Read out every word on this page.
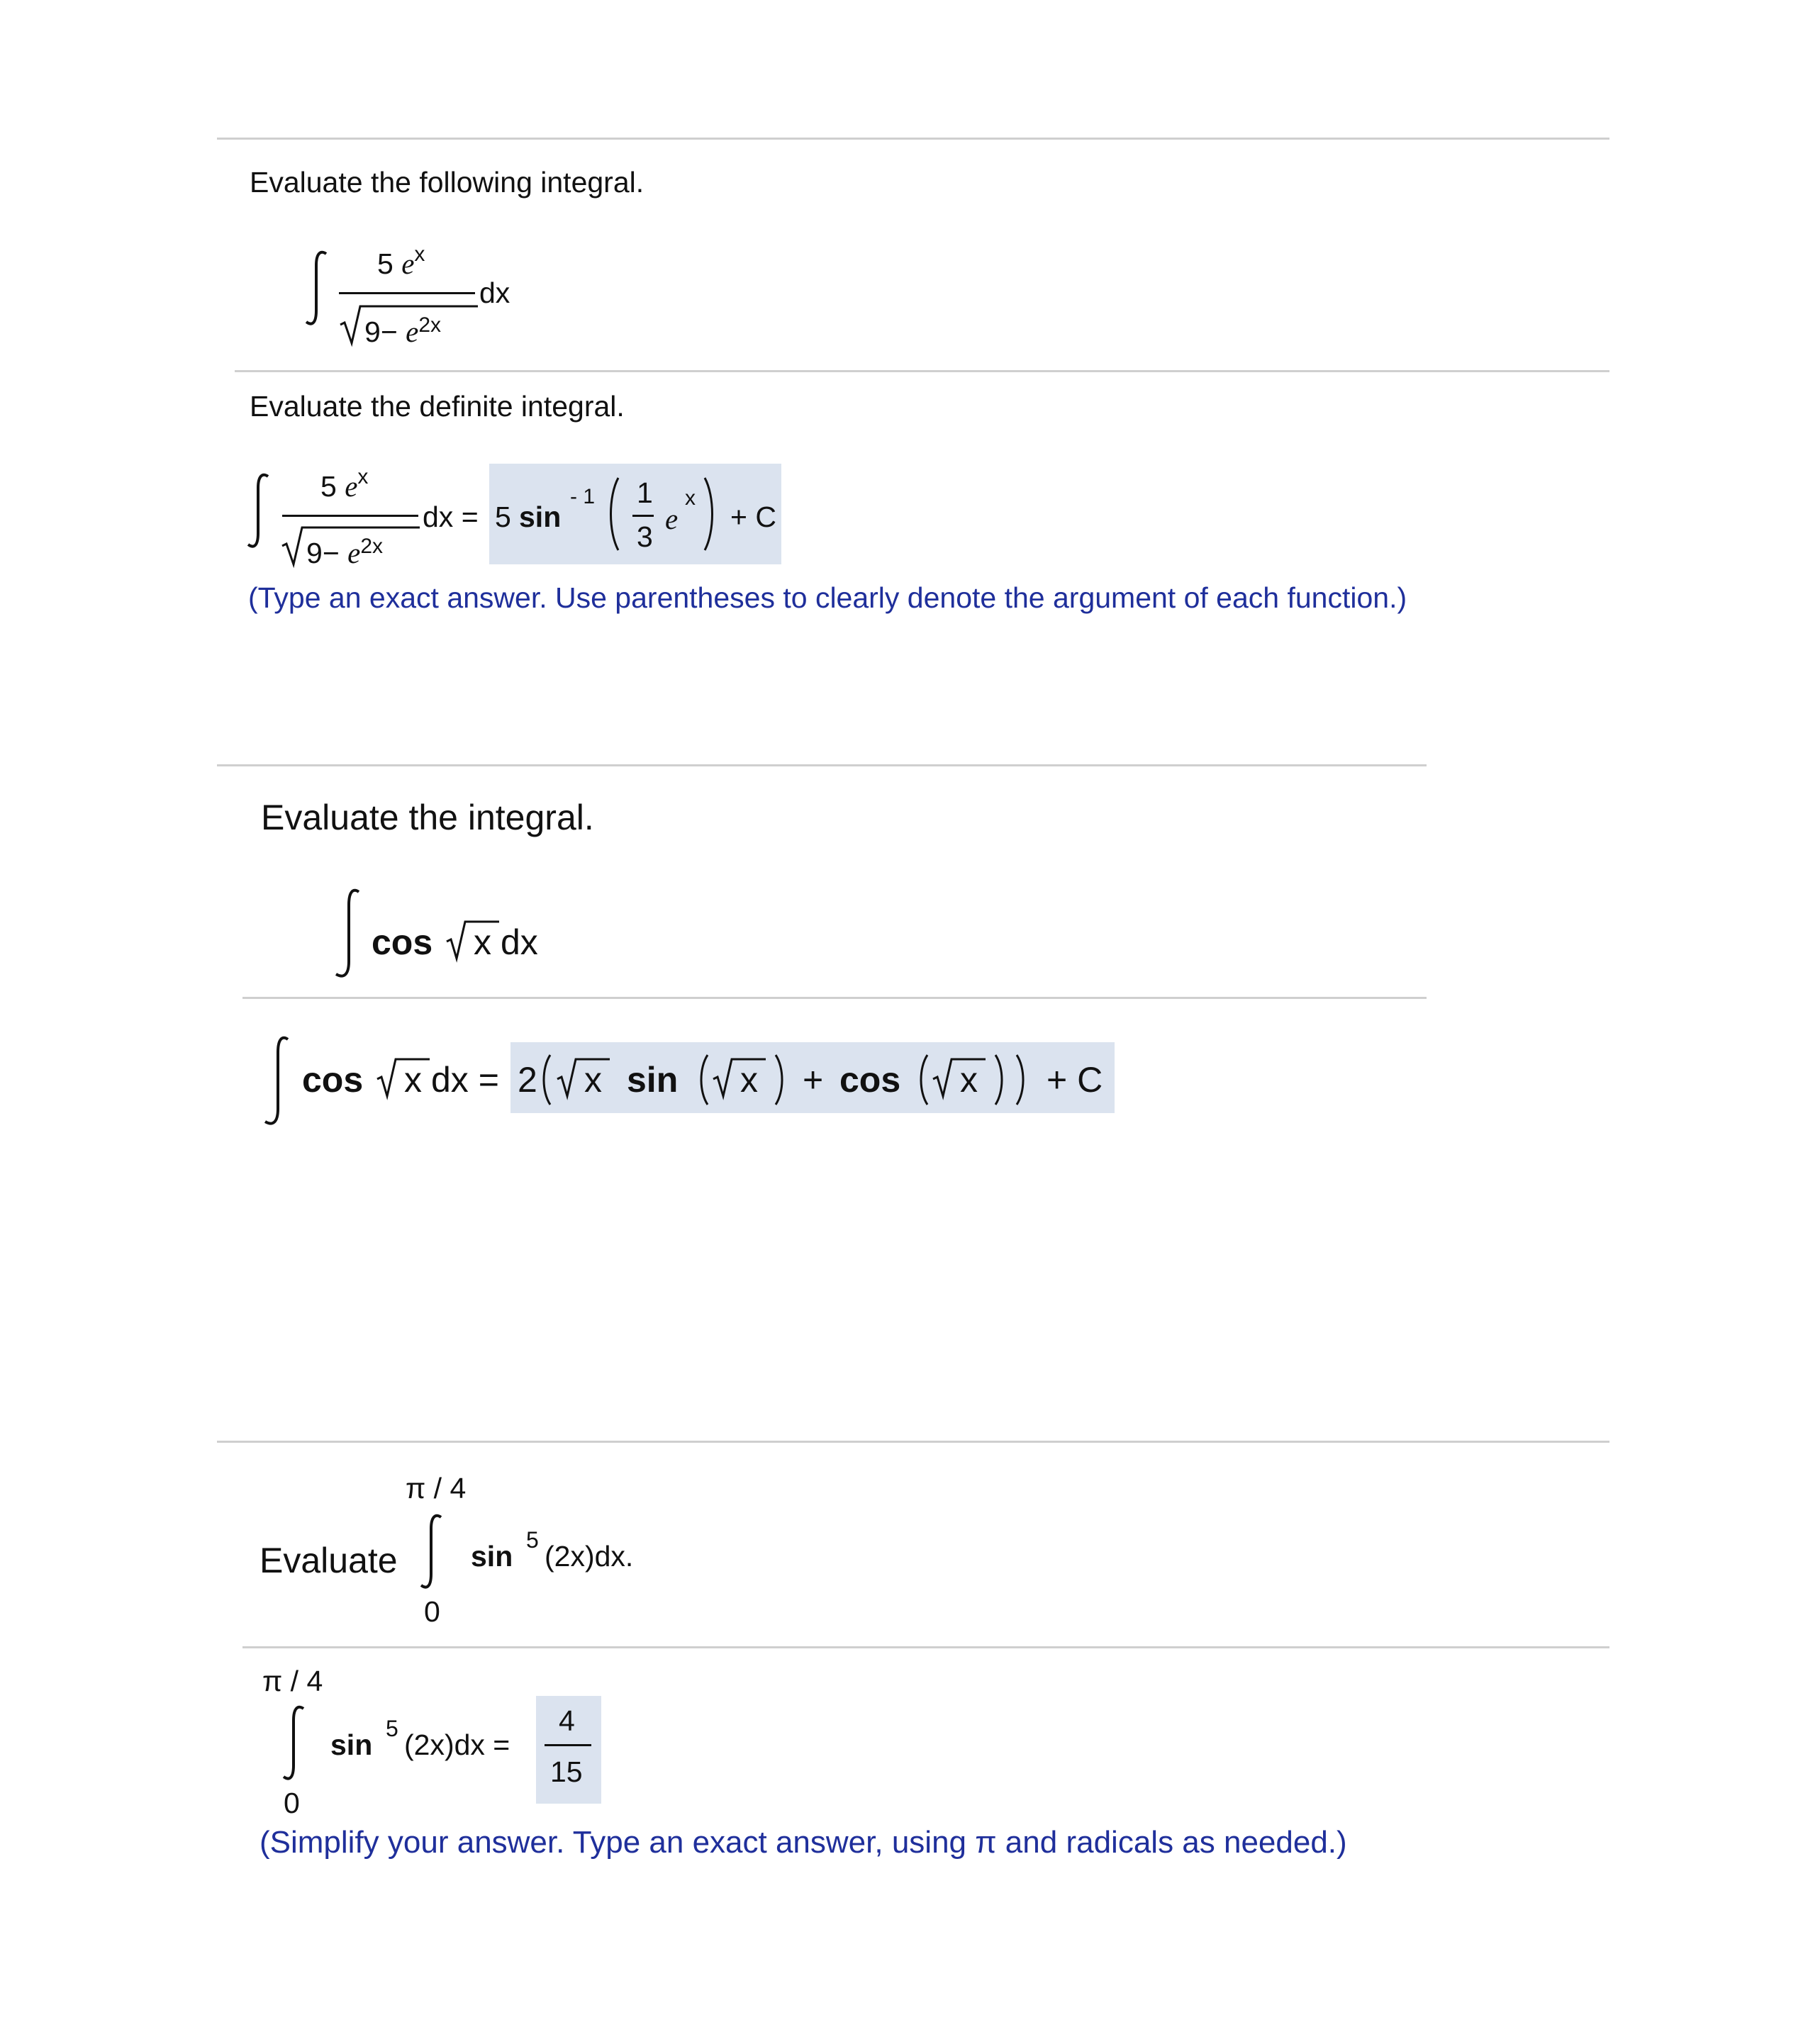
Evaluate the following integral.
5 $e^x$
$9- e^{2x}$
dx
Evaluate the definite integral.
5 $e^x$
$9- e^{2x}$
dx = 5 sin
- 1 1
3
e
x
+ C
(Type an exact answer. Use parentheses to clearly denote the argument of each function.)
Evaluate the integral.
cos x dx
cos x dx = 2 x sin x + cos x + C
π / 4
Evaluate
0
sin 5 (2x)dx.
π / 4
0
sin 5 (2x)dx =
4
15
(Simplify your answer. Type an exact answer, using π and radicals as needed.)
